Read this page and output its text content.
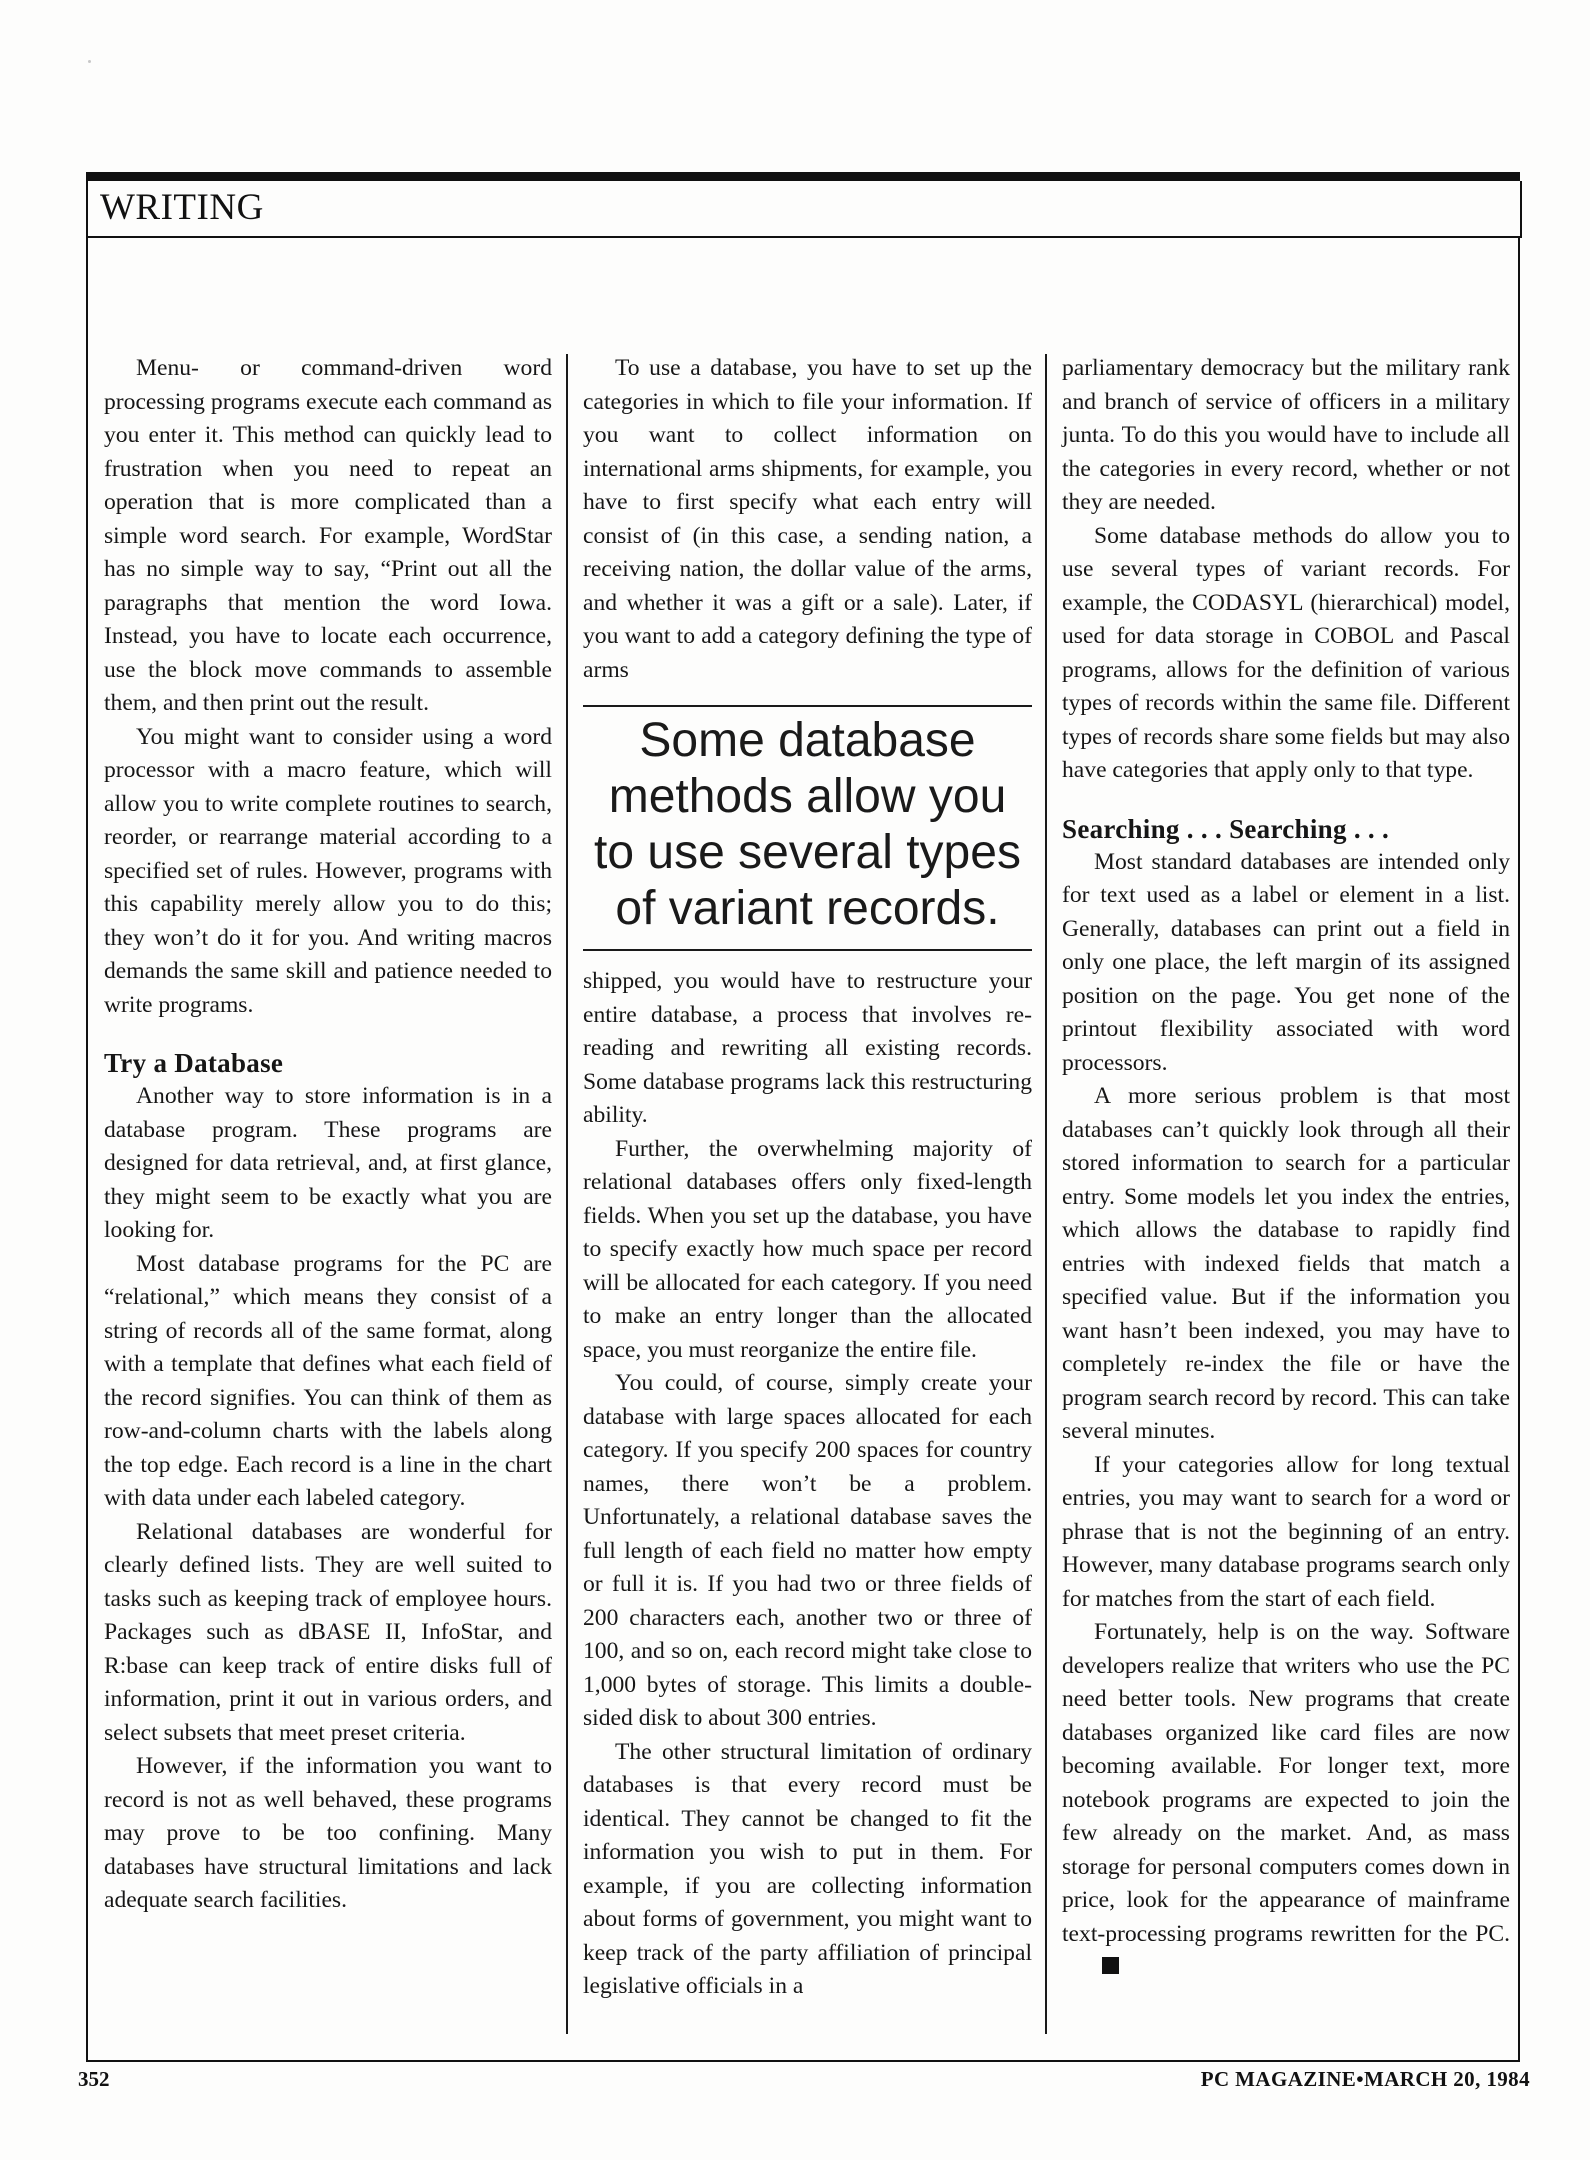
WRITING

Menu- or command-driven word processing programs execute each command as you enter it. This method can quickly lead to frustration when you need to repeat an operation that is more complicated than a simple word search. For example, WordStar has no simple way to say, “Print out all the paragraphs that mention the word Iowa. Instead, you have to locate each occurrence, use the block move commands to assemble them, and then print out the result.

You might want to consider using a word processor with a macro feature, which will allow you to write complete routines to search, reorder, or rearrange material according to a specified set of rules. However, programs with this capability merely allow you to do this; they won’t do it for you. And writing macros demands the same skill and patience needed to write programs.

Try a Database

Another way to store information is in a database program. These programs are designed for data retrieval, and, at first glance, they might seem to be exactly what you are looking for.

Most database programs for the PC are “relational,” which means they consist of a string of records all of the same format, along with a template that defines what each field of the record signifies. You can think of them as row-and-column charts with the labels along the top edge. Each record is a line in the chart with data under each labeled category.

Relational databases are wonderful for clearly defined lists. They are well suited to tasks such as keeping track of employee hours. Packages such as dBASE II, InfoStar, and R:base can keep track of entire disks full of information, print it out in various orders, and select subsets that meet preset criteria.

However, if the information you want to record is not as well behaved, these programs may prove to be too confining. Many databases have structural limitations and lack adequate search facilities.

To use a database, you have to set up the categories in which to file your information. If you want to collect information on international arms shipments, for example, you have to first specify what each entry will consist of (in this case, a sending nation, a receiving nation, the dollar value of the arms, and whether it was a gift or a sale). Later, if you want to add a category defining the type of arms

Some database methods allow you to use several types of variant records.

shipped, you would have to restructure your entire database, a process that involves re-reading and rewriting all existing records. Some database programs lack this restructuring ability.

Further, the overwhelming majority of relational databases offers only fixed-length fields. When you set up the database, you have to specify exactly how much space per record will be allocated for each category. If you need to make an entry longer than the allocated space, you must reorganize the entire file.

You could, of course, simply create your database with large spaces allocated for each category. If you specify 200 spaces for country names, there won’t be a problem. Unfortunately, a relational database saves the full length of each field no matter how empty or full it is. If you had two or three fields of 200 characters each, another two or three of 100, and so on, each record might take close to 1,000 bytes of storage. This limits a double-sided disk to about 300 entries.

The other structural limitation of ordinary databases is that every record must be identical. They cannot be changed to fit the information you wish to put in them. For example, if you are collecting information about forms of government, you might want to keep track of the party affiliation of principal legislative officials in a

parliamentary democracy but the military rank and branch of service of officers in a military junta. To do this you would have to include all the categories in every record, whether or not they are needed.

Some database methods do allow you to use several types of variant records. For example, the CODASYL (hierarchical) model, used for data storage in COBOL and Pascal programs, allows for the definition of various types of records within the same file. Different types of records share some fields but may also have categories that apply only to that type.

Searching . . . Searching . . .

Most standard databases are intended only for text used as a label or element in a list. Generally, databases can print out a field in only one place, the left margin of its assigned position on the page. You get none of the printout flexibility associated with word processors.

A more serious problem is that most databases can’t quickly look through all their stored information to search for a particular entry. Some models let you index the entries, which allows the database to rapidly find entries with indexed fields that match a specified value. But if the information you want hasn’t been indexed, you may have to completely re-index the file or have the program search record by record. This can take several minutes.

If your categories allow for long textual entries, you may want to search for a word or phrase that is not the beginning of an entry. However, many database programs search only for matches from the start of each field.

Fortunately, help is on the way. Software developers realize that writers who use the PC need better tools. New programs that create databases organized like card files are now becoming available. For longer text, more notebook programs are expected to join the few already on the market. And, as mass storage for personal computers comes down in price, look for the appearance of mainframe text-processing programs rewritten for the PC.

352	PC MAGAZINE•MARCH 20, 1984
